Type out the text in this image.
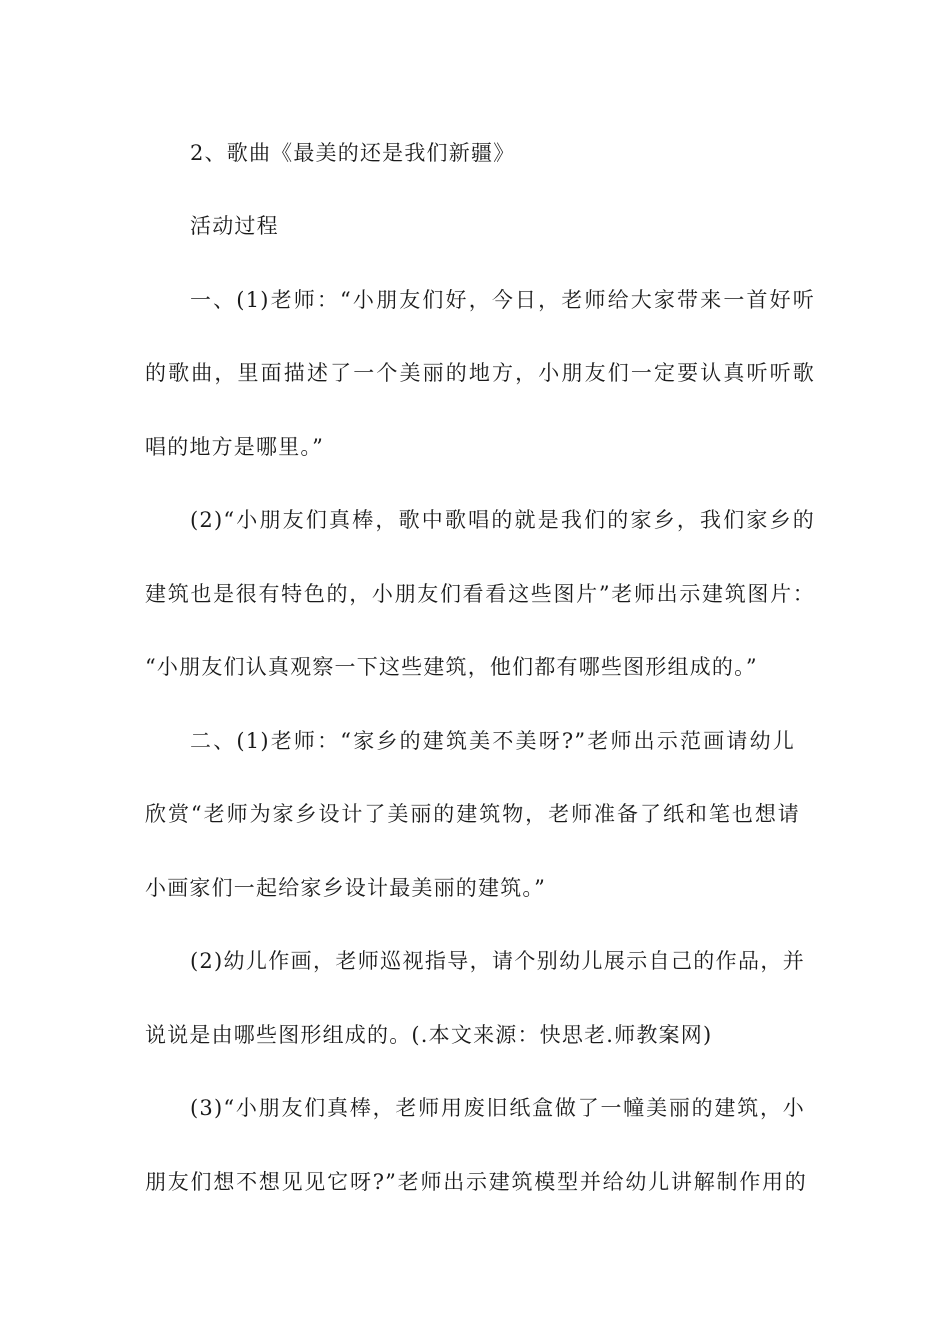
2、歌曲《最美的还是我们新疆》
活动过程
一、(1)老师：“小朋友们好，今日，老师给大家带来一首好听
的歌曲，里面描述了一个美丽的地方，小朋友们一定要认真听听歌
唱的地方是哪里。”
(2)“小朋友们真棒，歌中歌唱的就是我们的家乡，我们家乡的
建筑也是很有特色的，小朋友们看看这些图片”老师出示建筑图片：
“小朋友们认真观察一下这些建筑，他们都有哪些图形组成的。”
二、(1)老师：“家乡的建筑美不美呀?”老师出示范画请幼儿
欣赏“老师为家乡设计了美丽的建筑物，老师准备了纸和笔也想请
小画家们一起给家乡设计最美丽的建筑。”
(2)幼儿作画，老师巡视指导，请个别幼儿展示自己的作品，并
说说是由哪些图形组成的。(.本文来源：快思老.师教案网)
(3)“小朋友们真棒，老师用废旧纸盒做了一幢美丽的建筑，小
朋友们想不想见见它呀?”老师出示建筑模型并给幼儿讲解制作用的
